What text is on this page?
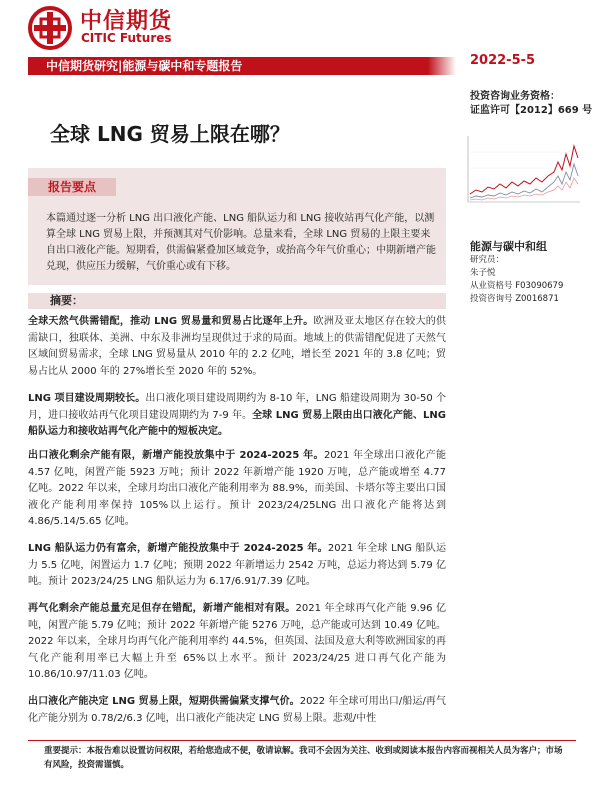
中信期货
CITIC Futures
中信期货研究|能源与碳中和专题报告	2022-5-5
投资咨询业务资格：
证监许可【2012】669 号
全球 LNG 贸易上限在哪？
报告要点
本篇通过逐一分析 LNG 出口液化产能、LNG 船队运力和 LNG 接收站再气化产能，以测算全球 LNG 贸易上限，并预测其对气价影响。总量来看，全球 LNG 贸易的上限主要来自出口液化产能。短期看，供需偏紧叠加区域竞争，或抬高今年气价重心；中期新增产能兑现，供应压力缓解，气价重心或有下移。
摘要：
全球天然气供需错配，推动 LNG 贸易量和贸易占比逐年上升。欧洲及亚太地区存在较大的供需缺口，独联体、美洲、中东及非洲均呈现供过于求的局面。地域上的供需错配促进了天然气区域间贸易需求，全球 LNG 贸易量从 2010 年的 2.2 亿吨，增长至 2021 年的 3.8 亿吨；贸易占比从 2000 年的 27%增长至 2020 年的 52%。
LNG 项目建设周期较长。出口液化项目建设周期约为 8-10 年，LNG 船建设周期为 30-50 个月，进口接收站再气化项目建设周期约为 7-9 年。全球 LNG 贸易上限由出口液化产能、LNG 船队运力和接收站再气化产能中的短板决定。
出口液化剩余产能有限，新增产能投放集中于 2024-2025 年。2021 年全球出口液化产能 4.57 亿吨，闲置产能 5923 万吨；预计 2022 年新增产能 1920 万吨，总产能或增至 4.77 亿吨。2022 年以来，全球月均出口液化产能利用率为 88.9%，而美国、卡塔尔等主要出口国液化产能利用率保持 105%以上运行。预计 2023/24/25LNG 出口液化产能将达到 4.86/5.14/5.65 亿吨。
LNG 船队运力仍有富余，新增产能投放集中于 2024-2025 年。2021 年全球 LNG 船队运力 5.5 亿吨，闲置运力 1.7 亿吨；预期 2022 年新增运力 2542 万吨，总运力将达到 5.79 亿吨。预计 2023/24/25 LNG 船队运力为 6.17/6.91/7.39 亿吨。
再气化剩余产能总量充足但存在错配，新增产能相对有限。2021 年全球再气化产能 9.96 亿吨，闲置产能 5.79 亿吨；预计 2022 年新增产能 5276 万吨，总产能或可达到 10.49 亿吨。2022 年以来，全球月均再气化产能利用率约 44.5%，但英国、法国及意大利等欧洲国家的再气化产能利用率已大幅上升至 65%以上水平。预计 2023/24/25 进口再气化产能为 10.86/10.97/11.03 亿吨。
出口液化产能决定 LNG 贸易上限，短期供需偏紧支撑气价。2022 年全球可用出口/船运/再气化产能分别为 0.78/2/6.3 亿吨，出口液化产能决定 LNG 贸易上限。悲观/中性
能源与碳中和组
研究员：
朱子悦
从业资格号 F03090679
投资咨询号 Z0016871
重要提示：本报告难以设置访问权限，若给您造成不便，敬请谅解。我司不会因为关注、收到或阅读本报告内容而视相关人员为客户；市场有风险，投资需谨慎。
